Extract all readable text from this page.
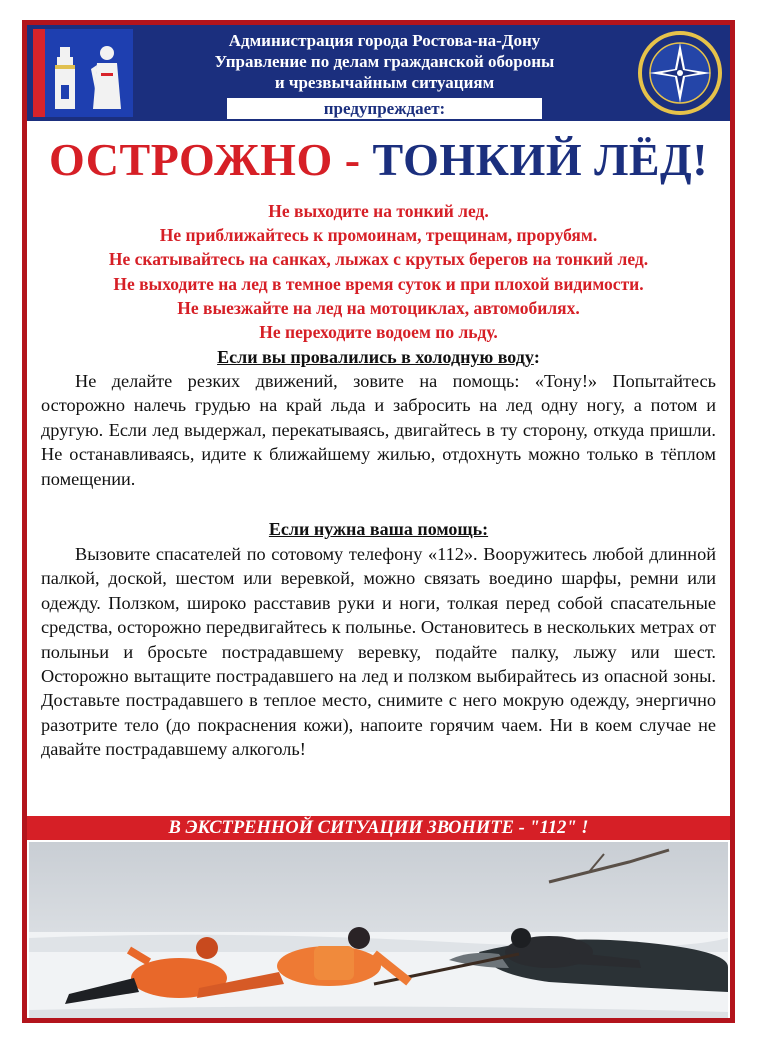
Администрация города Ростова-на-Дону
Управление по делам гражданской обороны
и чрезвычайным ситуациям
предупреждает:
ОСТРОЖНО - ТОНКИЙ ЛЁД!
Не выходите на тонкий лед.
Не приближайтесь к промоинам, трещинам, прорубям.
Не скатывайтесь на санках, лыжах с крутых берегов на тонкий лед.
Не выходите на лед в темное время суток и при плохой видимости.
Не выезжайте на лед на мотоциклах, автомобилях.
Не переходите водоем по льду.
Если вы провалились в холодную воду:
Не делайте резких движений, зовите на помощь: «Тону!» Попытайтесь осторожно налечь грудью на край льда и забросить на лед одну ногу, а потом и другую. Если лед выдержал, перекатываясь, двигайтесь в ту сторону, откуда пришли. Не останавливаясь, идите к ближайшему жилью, отдохнуть можно только в тёплом помещении.
Если нужна ваша помощь:
Вызовите спасателей по сотовому телефону «112». Вооружитесь любой длинной палкой, доской, шестом или веревкой, можно связать воедино шарфы, ремни или одежду. Ползком, широко расставив руки и ноги, толкая перед собой спасательные средства, осторожно передвигайтесь к полынье. Остановитесь в нескольких метрах от полыньи и бросьте пострадавшему веревку, подайте палку, лыжу или шест. Осторожно вытащите пострадавшего на лед и ползком выбирайтесь из опасной зоны. Доставьте пострадавшего в теплое место, снимите с него мокрую одежду, энергично разотрите тело (до покраснения кожи), напоите горячим чаем. Ни в коем случае не давайте пострадавшему алкоголь!
В ЭКСТРЕННОЙ СИТУАЦИИ ЗВОНИТЕ - "112" !
